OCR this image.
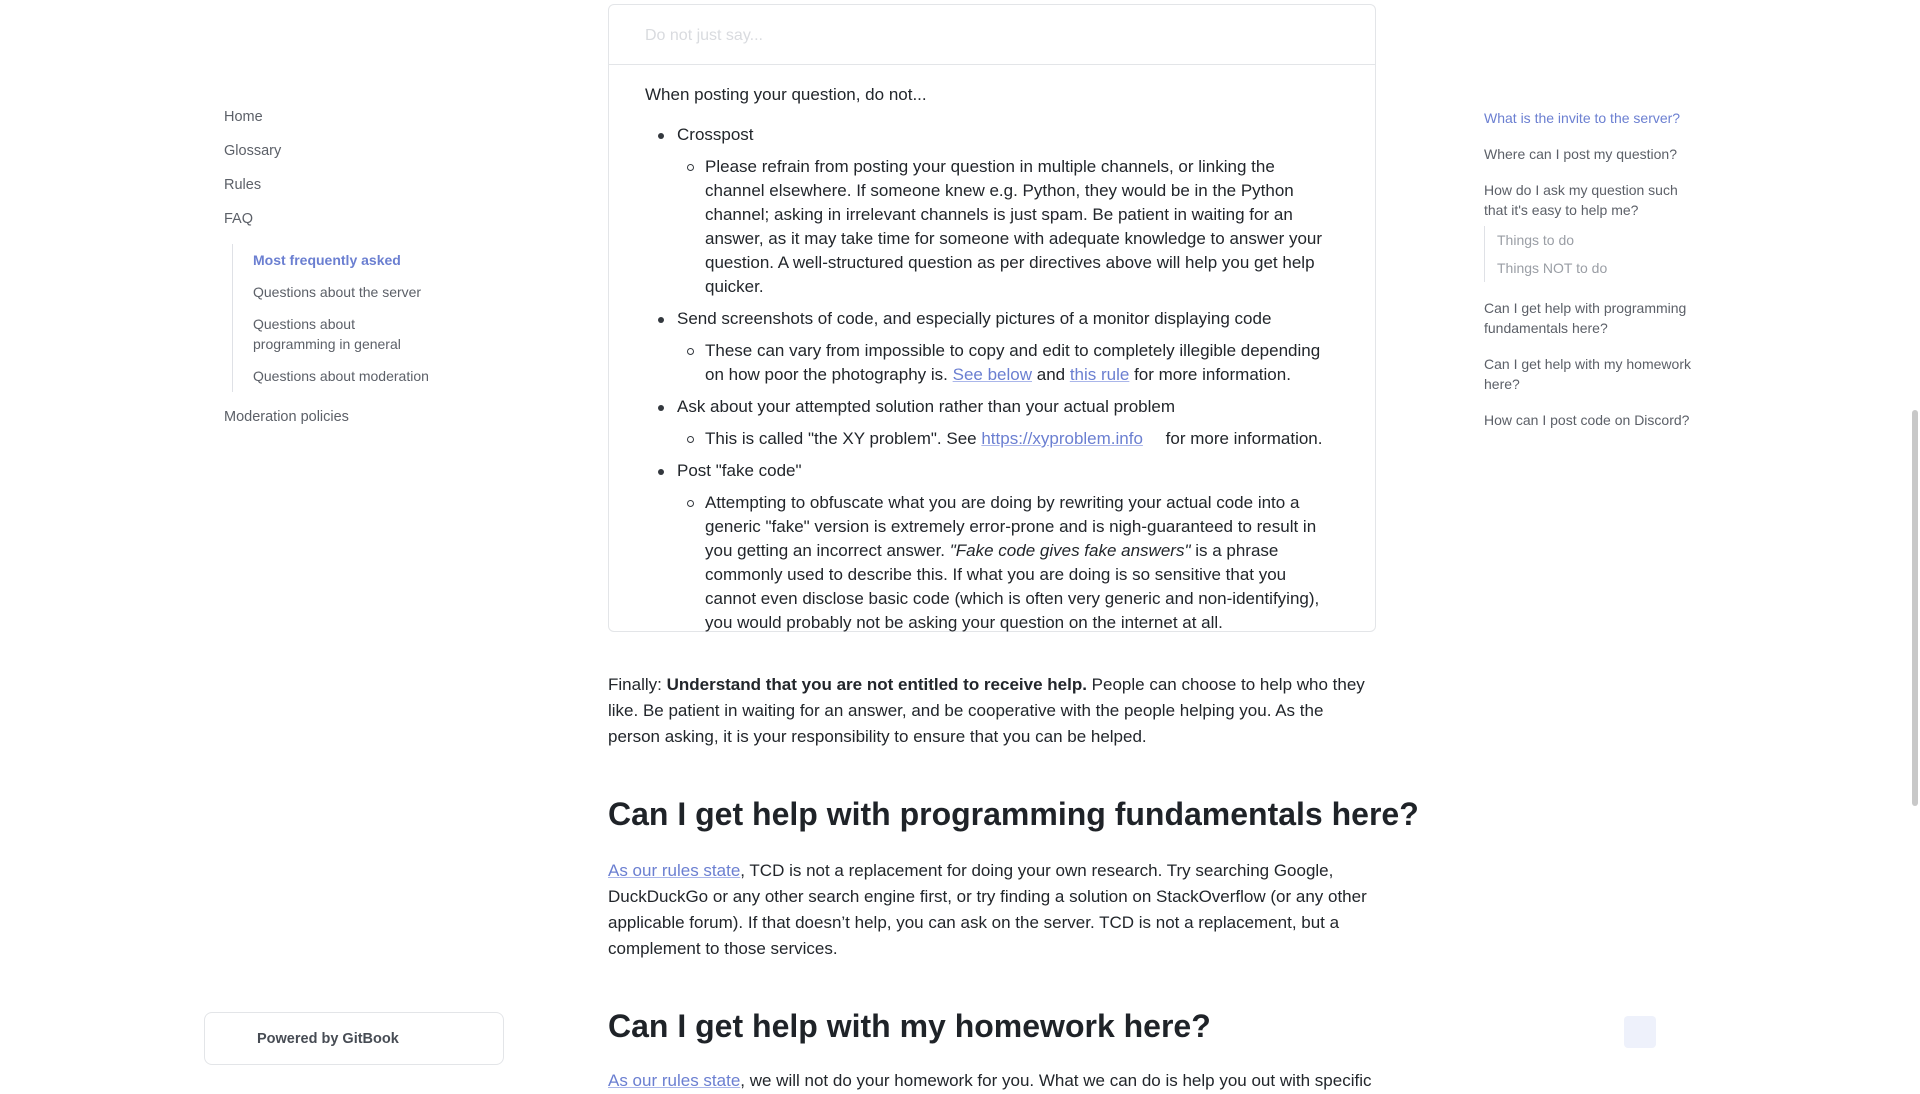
Home
Glossary
Rules
FAQ
Most frequently asked
Questions about the server
Questions about programming in general
Questions about moderation
Moderation policies
Powered by GitBook
Do not just say...

When posting your question, do not...

Crosspost
Please refrain from posting your question in multiple channels, or linking the channel elsewhere. If someone knew e.g. Python, they would be in the Python channel; asking in irrelevant channels is just spam. Be patient in waiting for an answer, as it may take time for someone with adequate knowledge to answer your question. A well-structured question as per directives above will help you get help quicker.
Send screenshots of code, and especially pictures of a monitor displaying code
These can vary from impossible to copy and edit to completely illegible depending on how poor the photography is. See below and this rule for more information.
Ask about your attempted solution rather than your actual problem
This is called "the XY problem". See https://xyproblem.info for more information.
Post "fake code"
Attempting to obfuscate what you are doing by rewriting your actual code into a generic "fake" version is extremely error-prone and is nigh-guaranteed to result in you getting an incorrect answer. "Fake code gives fake answers" is a phrase commonly used to describe this. If what you are doing is so sensitive that you cannot even disclose basic code (which is often very generic and non-identifying), you would probably not be asking your question on the internet at all.

Finally: Understand that you are not entitled to receive help. People can choose to help who they like. Be patient in waiting for an answer, and be cooperative with the people helping you. As the person asking, it is your responsibility to ensure that you can be helped.

Can I get help with programming fundamentals here?

As our rules state, TCD is not a replacement for doing your own research. Try searching Google, DuckDuckGo or any other search engine first, or try finding a solution on StackOverflow (or any other applicable forum). If that doesn’t help, you can ask on the server. TCD is not a replacement, but a complement to those services.

Can I get help with my homework here?

As our rules state, we will not do your homework for you. What we can do is help you out with specific

What is the invite to the server?
Where can I post my question?
How do I ask my question such that it's easy to help me?
Things to do
Things NOT to do
Can I get help with programming fundamentals here?
Can I get help with my homework here?
How can I post code on Discord?
